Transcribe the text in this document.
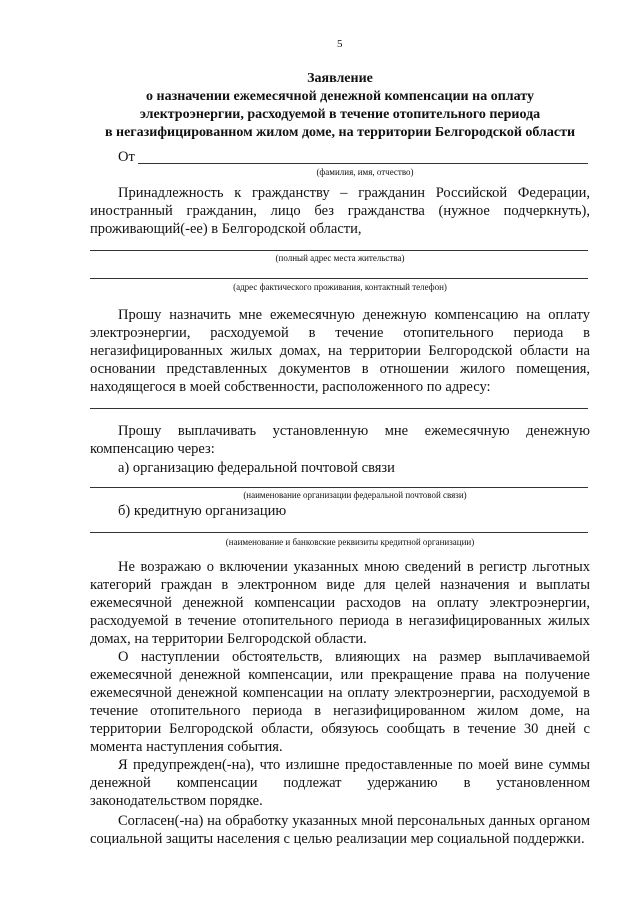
5
Заявление
о назначении ежемесячной денежной компенсации на оплату
электроэнергии, расходуемой в течение отопительного периода
в негазифицированном жилом доме, на территории Белгородской области
От
(фамилия, имя, отчество)
Принадлежность к гражданству – гражданин Российской Федерации, иностранный гражданин, лицо без гражданства (нужное подчеркнуть), проживающий(-ее) в Белгородской области,
(полный адрес места жительства)
(адрес фактического проживания, контактный телефон)
Прошу назначить мне ежемесячную денежную компенсацию на оплату электроэнергии, расходуемой в течение отопительного периода в негазифицированных жилых домах, на территории Белгородской области на основании представленных документов в отношении жилого помещения, находящегося в моей собственности, расположенного по адресу:
Прошу выплачивать установленную мне ежемесячную денежную компенсацию через:
а) организацию федеральной почтовой связи
(наименование организации федеральной почтовой связи)
б) кредитную организацию
(наименование и банковские реквизиты кредитной организации)
Не возражаю о включении указанных мною сведений в регистр льготных категорий граждан в электронном виде для целей назначения и выплаты ежемесячной денежной компенсации расходов на оплату электроэнергии, расходуемой в течение отопительного периода в негазифицированных жилых домах, на территории Белгородской области.
О наступлении обстоятельств, влияющих на размер выплачиваемой ежемесячной денежной компенсации, или прекращение права на получение ежемесячной денежной компенсации на оплату электроэнергии, расходуемой в течение отопительного периода в негазифицированном жилом доме, на территории Белгородской области, обязуюсь сообщать в течение 30 дней с момента наступления события.
Я предупрежден(-на), что излишне предоставленные по моей вине суммы денежной компенсации подлежат удержанию в установленном законодательством порядке.
Согласен(-на) на обработку указанных мной персональных данных органом социальной защиты населения с целью реализации мер социальной поддержки.
